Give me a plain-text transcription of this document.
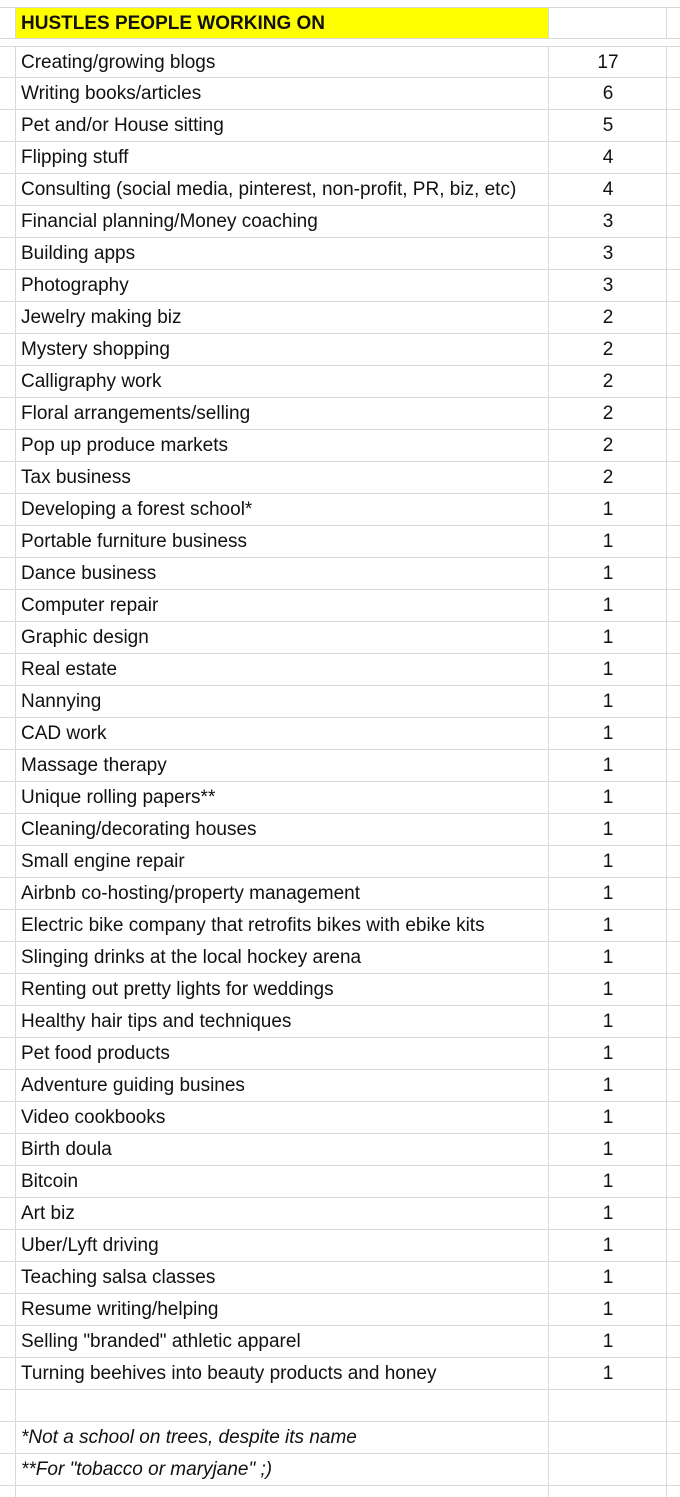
HUSTLES PEOPLE WORKING ON
Creating/growing blogs	17
Writing books/articles	6
Pet and/or House sitting	5
Flipping stuff	4
Consulting (social media, pinterest, non-profit, PR, biz, etc)	4
Financial planning/Money coaching	3
Building apps	3
Photography	3
Jewelry making biz	2
Mystery shopping	2
Calligraphy work	2
Floral arrangements/selling	2
Pop up produce markets	2
Tax business	2
Developing a forest school*	1
Portable furniture business	1
Dance business	1
Computer repair	1
Graphic design	1
Real estate	1
Nannying	1
CAD work	1
Massage therapy	1
Unique rolling papers**	1
Cleaning/decorating houses	1
Small engine repair	1
Airbnb co-hosting/property management	1
Electric bike company that retrofits bikes with ebike kits	1
Slinging drinks at the local hockey arena	1
Renting out pretty lights for weddings	1
Healthy hair tips and techniques	1
Pet food products	1
Adventure guiding busines	1
Video cookbooks	1
Birth doula	1
Bitcoin	1
Art biz	1
Uber/Lyft driving	1
Teaching salsa classes	1
Resume writing/helping	1
Selling "branded" athletic apparel	1
Turning beehives into beauty products and honey	1
*Not a school on trees, despite its name
**For "tobacco or maryjane" ;)
